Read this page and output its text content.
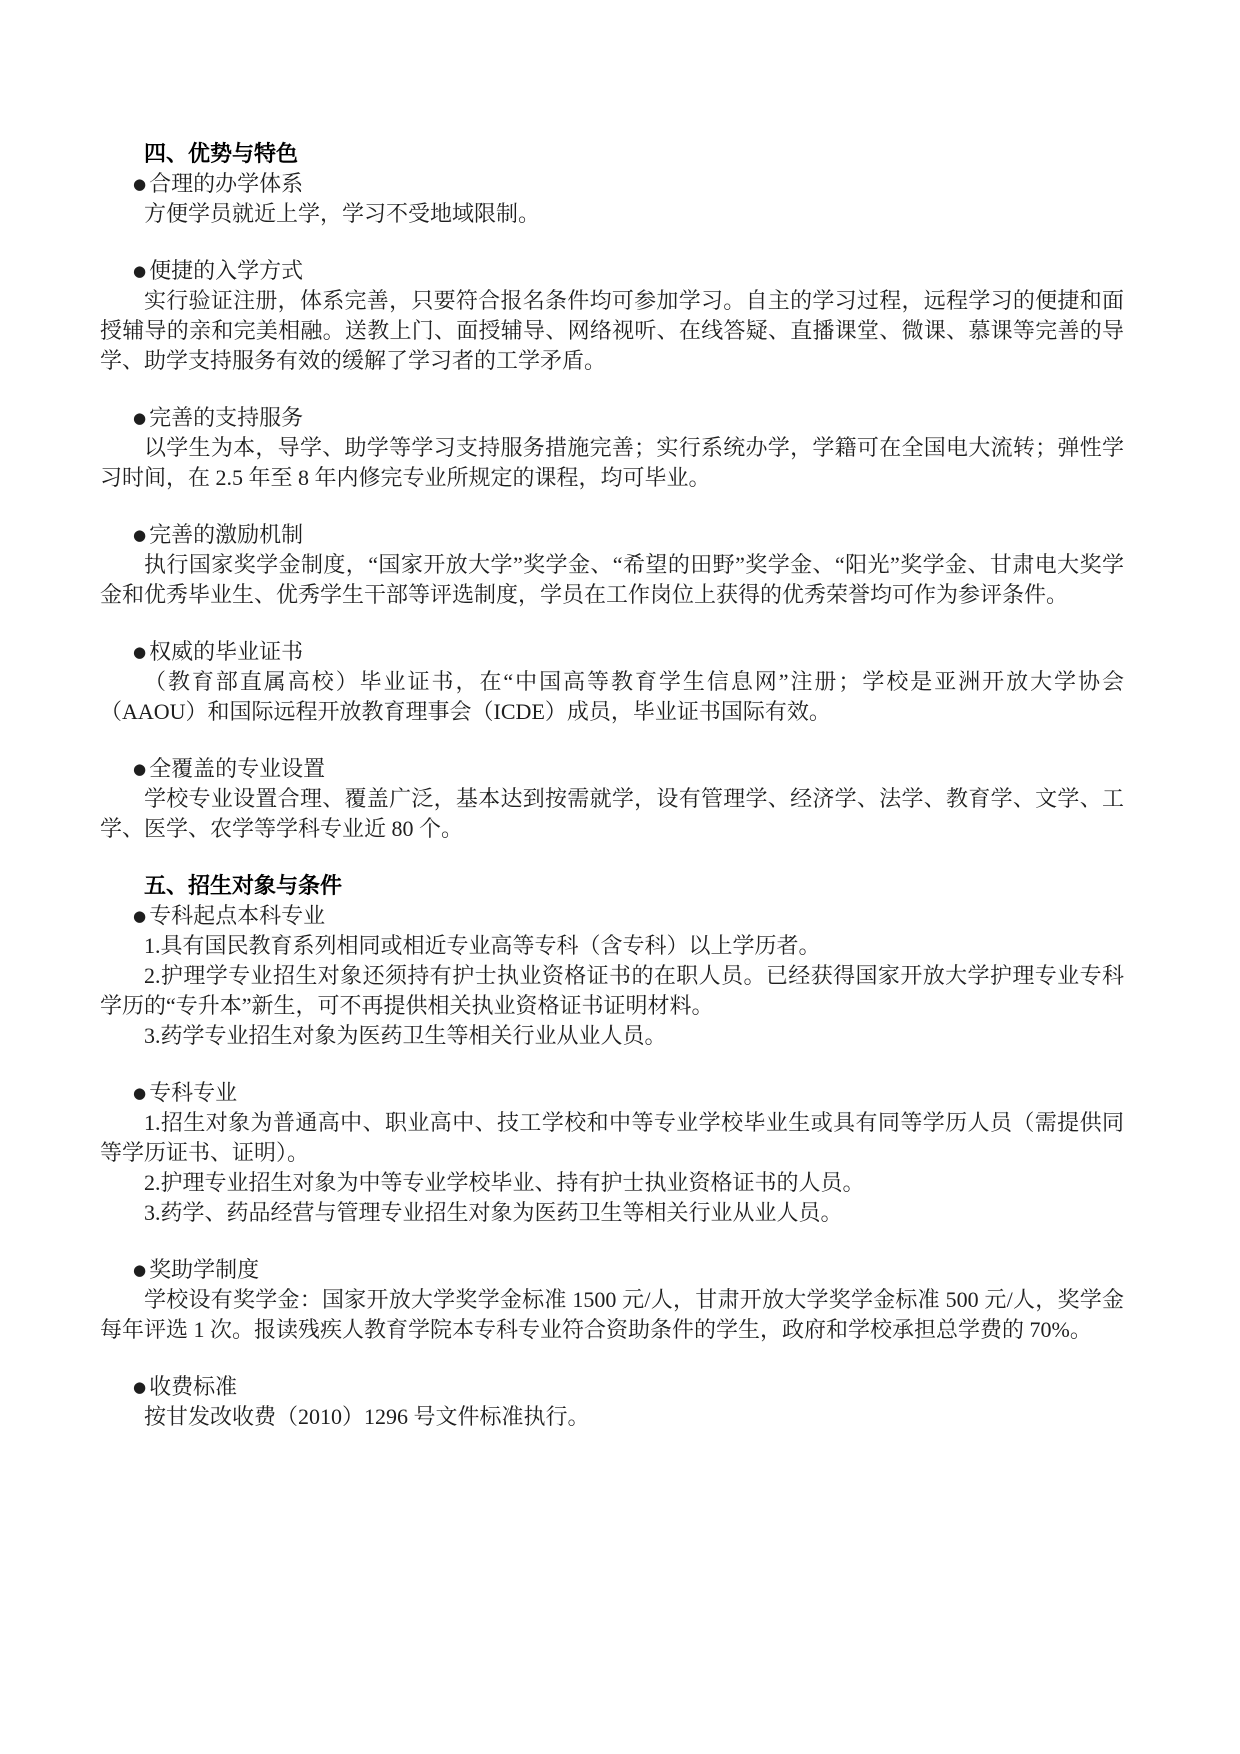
四、优势与特色

● 合理的办学体系

方便学员就近上学，学习不受地域限制。

● 便捷的入学方式

实行验证注册，体系完善，只要符合报名条件均可参加学习。自主的学习过程，远程学习的便捷和面授辅导的亲和完美相融。送教上门、面授辅导、网络视听、在线答疑、直播课堂、微课、慕课等完善的导学、助学支持服务有效的缓解了学习者的工学矛盾。

● 完善的支持服务

以学生为本，导学、助学等学习支持服务措施完善；实行系统办学，学籍可在全国电大流转；弹性学习时间，在 2.5 年至 8 年内修完专业所规定的课程，均可毕业。

● 完善的激励机制

执行国家奖学金制度，“国家开放大学”奖学金、“希望的田野”奖学金、“阳光”奖学金、甘肃电大奖学金和优秀毕业生、优秀学生干部等评选制度，学员在工作岗位上获得的优秀荣誉均可作为参评条件。

● 权威的毕业证书

（教育部直属高校）毕业证书，在“中国高等教育学生信息网”注册；学校是亚洲开放大学协会（AAOU）和国际远程开放教育理事会（ICDE）成员，毕业证书国际有效。

● 全覆盖的专业设置

学校专业设置合理、覆盖广泛，基本达到按需就学，设有管理学、经济学、法学、教育学、文学、工学、医学、农学等学科专业近 80 个。

五、招生对象与条件

● 专科起点本科专业

1.具有国民教育系列相同或相近专业高等专科（含专科）以上学历者。

2.护理学专业招生对象还须持有护士执业资格证书的在职人员。已经获得国家开放大学护理专业专科学历的“专升本”新生，可不再提供相关执业资格证书证明材料。

3.药学专业招生对象为医药卫生等相关行业从业人员。

● 专科专业

1.招生对象为普通高中、职业高中、技工学校和中等专业学校毕业生或具有同等学历人员（需提供同等学历证书、证明）。

2.护理专业招生对象为中等专业学校毕业、持有护士执业资格证书的人员。

3.药学、药品经营与管理专业招生对象为医药卫生等相关行业从业人员。

● 奖助学制度

学校设有奖学金：国家开放大学奖学金标准 1500 元/人，甘肃开放大学奖学金标准 500 元/人，奖学金每年评选 1 次。报读残疾人教育学院本专科专业符合资助条件的学生，政府和学校承担总学费的 70%。

● 收费标准

按甘发改收费（2010）1296 号文件标准执行。
